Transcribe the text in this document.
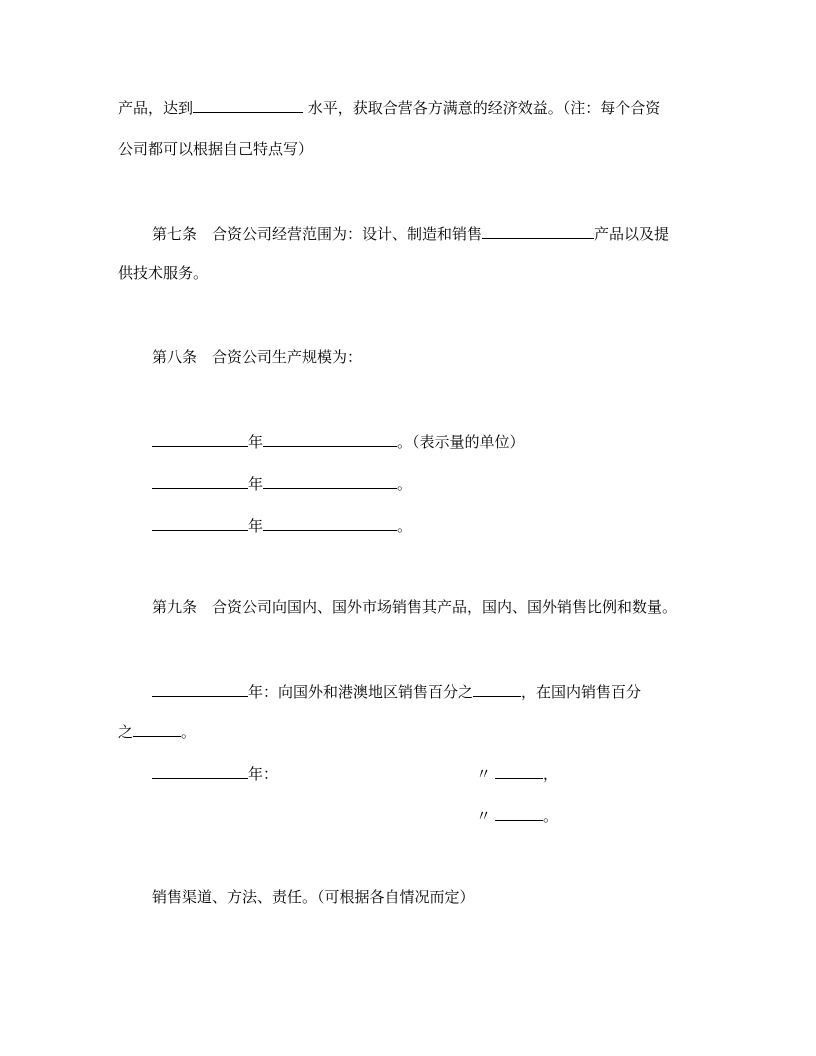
产品，达到	水平，获取合营各方满意的经济效益。（注：每个合资
公司都可以根据自己特点写）
第七条　合资公司经营范围为：设计、制造和销售	产品以及提
供技术服务。
第八条　合资公司生产规模为：
年	。（表示量的单位）
年	。
年	。
第九条　合资公司向国内、国外市场销售其产品，国内、国外销售比例和数量。
年：向国外和港澳地区销售百分之	，在国内销售百分
之	。
年：	〃	，
〃	。
销售渠道、方法、责任。（可根据各自情况而定）
